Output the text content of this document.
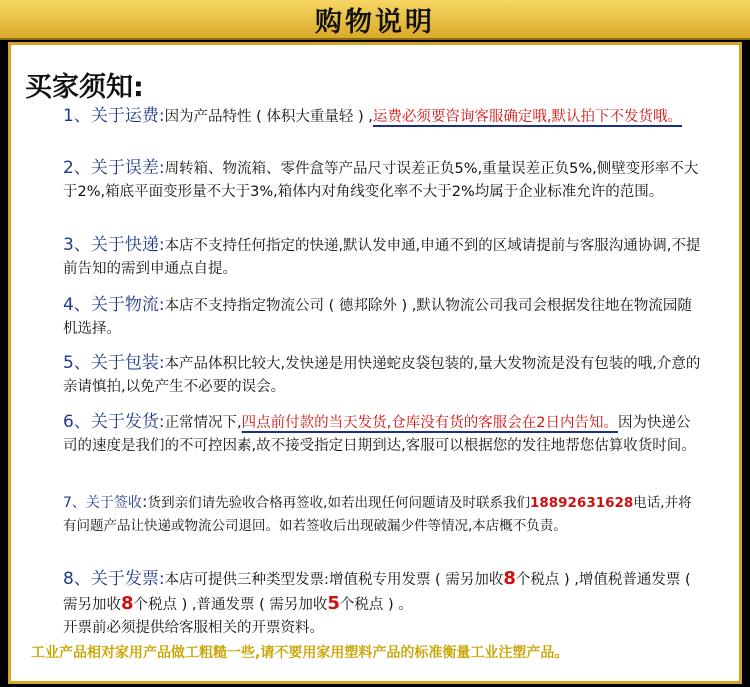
购物说明
买家须知:
1、关于运费:因为产品特性 ( 体积大重量轻 ) ,运费必须要咨询客服确定哦,默认拍下不发货哦。
2、关于误差:周转箱、物流箱、零件盒等产品尺寸误差正负5%,重量误差正负5%,侧壁变形率不大于2%,箱底平面变形量不大于3%,箱体内对角线变化率不大于2%均属于企业标准允许的范围。
3、关于快递:本店不支持任何指定的快递,默认发申通,申通不到的区域请提前与客服沟通协调,不提前告知的需到申通点自提。
4、关于物流:本店不支持指定物流公司 ( 德邦除外 ) ,默认物流公司我司会根据发往地在物流园随机选择。
5、关于包装:本产品体积比较大,发快递是用快递蛇皮袋包装的,量大发物流是没有包装的哦,介意的亲请慎拍,以免产生不必要的误会。
6、关于发货:正常情况下,四点前付款的当天发货,仓库没有货的客服会在2日内告知。因为快递公司的速度是我们的不可控因素,故不接受指定日期到达,客服可以根据您的发往地帮您估算收货时间。
7、关于签收:货到亲们请先验收合格再签收,如若出现任何问题请及时联系我们18892631628电话,并将有问题产品让快递或物流公司退回。如若签收后出现破漏少件等情况,本店概不负责。
8、关于发票:本店可提供三种类型发票:增值税专用发票 ( 需另加收8个税点 ) ,增值税普通发票 ( 需另加收8个税点 ) ,普通发票 ( 需另加收5个税点 ) 。
开票前必须提供给客服相关的开票资料。
工业产品相对家用产品做工粗糙一些,请不要用家用塑料产品的标准衡量工业注塑产品。
